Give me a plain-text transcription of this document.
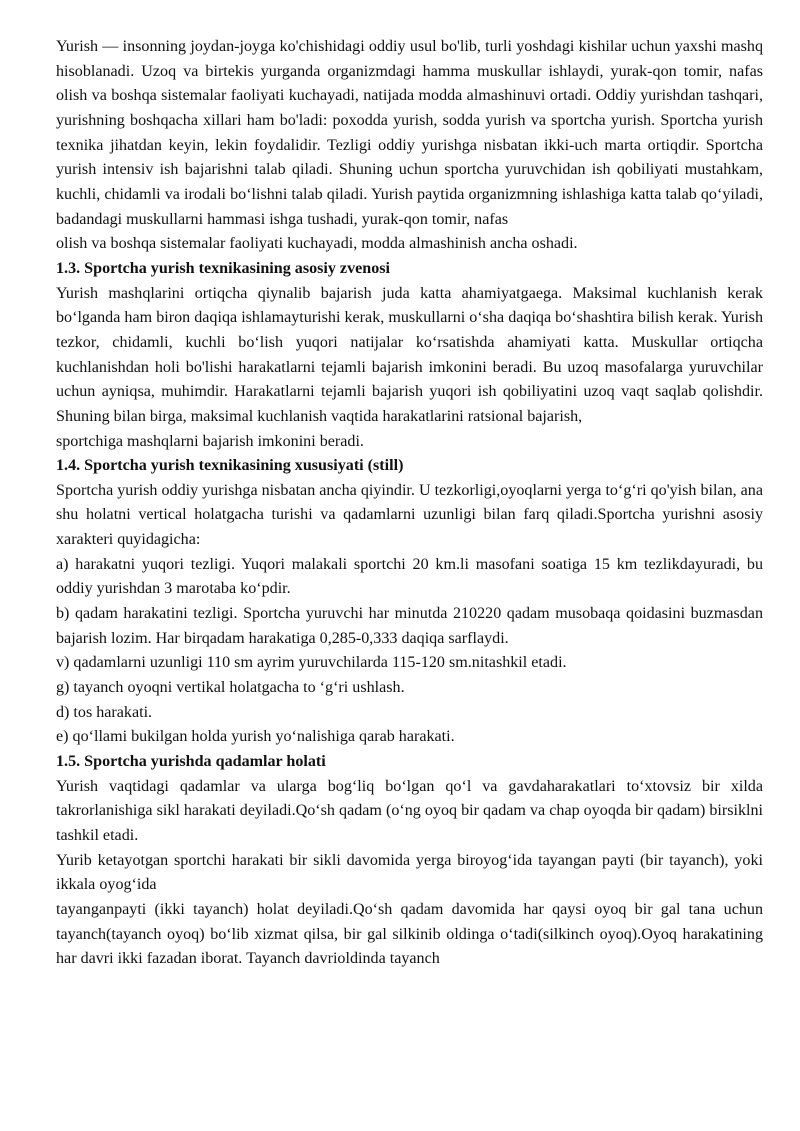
Yurish — insonning joydan-joyga ko'chishidagi oddiy usul bo'lib, turli yoshdagi kishilar uchun yaxshi mashq hisoblanadi. Uzoq va birtekis yurganda organizmdagi hamma muskullar ishlaydi, yurak-qon tomir, nafas olish va boshqa sistemalar faoliyati kuchayadi, natijada modda almashinuvi ortadi. Oddiy yurishdan tashqari, yurishning boshqacha xillari ham bo'ladi: poxodda yurish, sodda yurish va sportcha yurish. Sportcha yurish texnika jihatdan keyin, lekin foydalidir. Tezligi oddiy yurishga nisbatan ikki-uch marta ortiqdir. Sportcha yurish intensiv ish bajarishni talab qiladi. Shuning uchun sportcha yuruvchidan ish qobiliyati mustahkam, kuchli, chidamli va irodali bo‘lishni talab qiladi. Yurish paytida organizmning ishlashiga katta talab qo‘yiladi, badandagi muskullarni hammasi ishga tushadi, yurak-qon tomir, nafas

olish va boshqa sistemalar faoliyati kuchayadi, modda almashinish ancha oshadi.

1.3. Sportcha yurish texnikasining asosiy zvenosi

Yurish mashqlarini ortiqcha qiynalib bajarish juda katta ahamiyatgaega. Maksimal kuchlanish kerak bo‘lganda ham biron daqiqa ishlamayturishi kerak, muskullarni o‘sha daqiqa bo‘shashtira bilish kerak. Yurish tezkor, chidamli, kuchli bo‘lish yuqori natijalar ko‘rsatishda ahamiyati katta. Muskullar ortiqcha kuchlanishdan holi bo'lishi harakatlarni tejamli bajarish imkonini beradi. Bu uzoq masofalarga yuruvchilar uchun ayniqsa, muhimdir. Harakatlarni tejamli bajarish yuqori ish qobiliyatini uzoq vaqt saqlab qolishdir. Shuning bilan birga, maksimal kuchlanish vaqtida harakatlarini ratsional bajarish,

sportchiga mashqlarni bajarish imkonini beradi.

1.4. Sportcha yurish texnikasining xususiyati (still)

Sportcha yurish oddiy yurishga nisbatan ancha qiyindir. U tezkorligi,oyoqlarni yerga to‘g‘ri qo'yish bilan, ana shu holatni vertical holatgacha turishi va qadamlarni uzunligi bilan farq qiladi.Sportcha yurishni asosiy xarakteri quyidagicha:

a) harakatni yuqori tezligi. Yuqori malakali sportchi 20 km.li masofani soatiga 15 km tezlikdayuradi, bu oddiy yurishdan 3 marotaba ko‘pdir.

b) qadam harakatini tezligi. Sportcha yuruvchi har minutda 210220 qadam musobaqa qoidasini buzmasdan bajarish lozim. Har birqadam harakatiga 0,285-0,333 daqiqa sarflaydi.

v) qadamlarni uzunligi 110 sm ayrim yuruvchilarda 115-120 sm.nitashkil etadi.

g) tayanch oyoqni vertikal holatgacha to ‘g‘ri ushlash.

d) tos harakati.

e) qo‘llami bukilgan holda yurish yo‘nalishiga qarab harakati.

1.5. Sportcha yurishda qadamlar holati

Yurish vaqtidagi qadamlar va ularga bog‘liq bo‘lgan qo‘l va gavdaharakatlari to‘xtovsiz bir xilda takrorlanishiga sikl harakati deyiladi.Qo‘sh qadam (o‘ng oyoq bir qadam va chap oyoqda bir qadam) birsiklni tashkil etadi.

Yurib ketayotgan sportchi harakati bir sikli davomida yerga biroyog‘ida tayangan payti (bir tayanch), yoki ikkala oyog‘ida

tayanganpayti (ikki tayanch) holat deyiladi.Qo‘sh qadam davomida har qaysi oyoq bir gal tana uchun tayanch(tayanch oyoq) bo‘lib xizmat qilsa, bir gal silkinib oldinga o‘tadi(silkinch oyoq).Oyoq harakatining har davri ikki fazadan iborat. Tayanch davrioldinda tayanch
